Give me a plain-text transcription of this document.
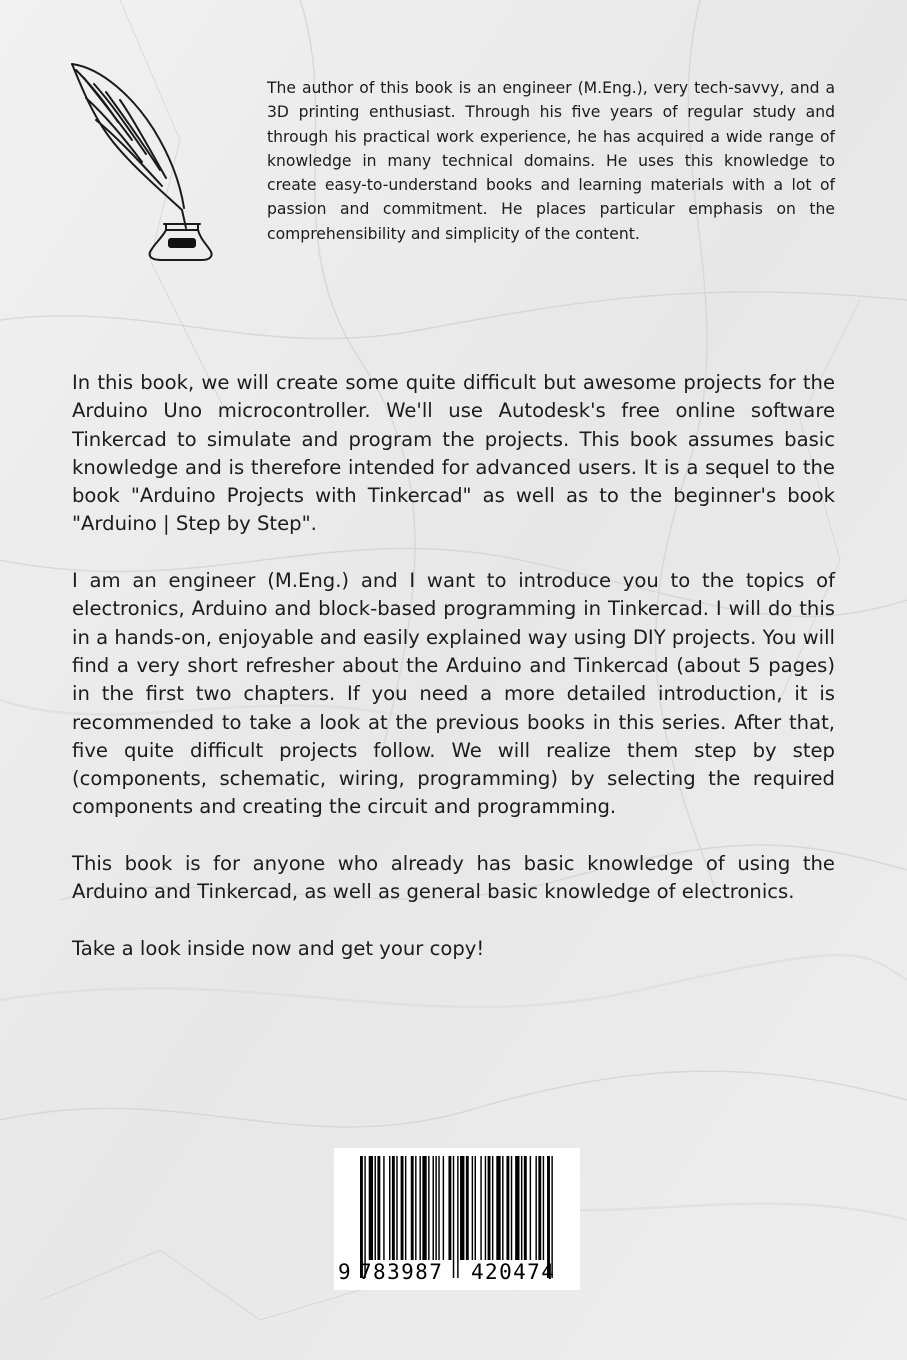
The author of this book is an engineer (M.Eng.), very tech-savvy, and a 3D printing enthusiast. Through his five years of regular study and through his practical work experience, he has acquired a wide range of knowledge in many technical domains. He uses this knowledge to create easy-to-understand books and learning materials with a lot of passion and commitment. He places particular emphasis on the comprehensibility and simplicity of the content.

In this book, we will create some quite difficult but awesome projects for the Arduino Uno microcontroller. We'll use Autodesk's free online software Tinkercad to simulate and program the projects. This book assumes basic knowledge and is therefore intended for advanced users. It is a sequel to the book "Arduino Projects with Tinkercad" as well as to the beginner's book "Arduino | Step by Step".

I am an engineer (M.Eng.) and I want to introduce you to the topics of electronics, Arduino and block-based programming in Tinkercad. I will do this in a hands-on, enjoyable and easily explained way using DIY projects. You will find a very short refresher about the Arduino and Tinkercad (about 5 pages) in the first two chapters. If you need a more detailed introduction, it is recommended to take a look at the previous books in this series. After that, five quite difficult projects follow. We will realize them step by step (components, schematic, wiring, programming) by selecting the required components and creating the circuit and programming.

This book is for anyone who already has basic knowledge of using the Arduino and Tinkercad, as well as general basic knowledge of electronics.

Take a look inside now and get your copy!

9 783987 420474
